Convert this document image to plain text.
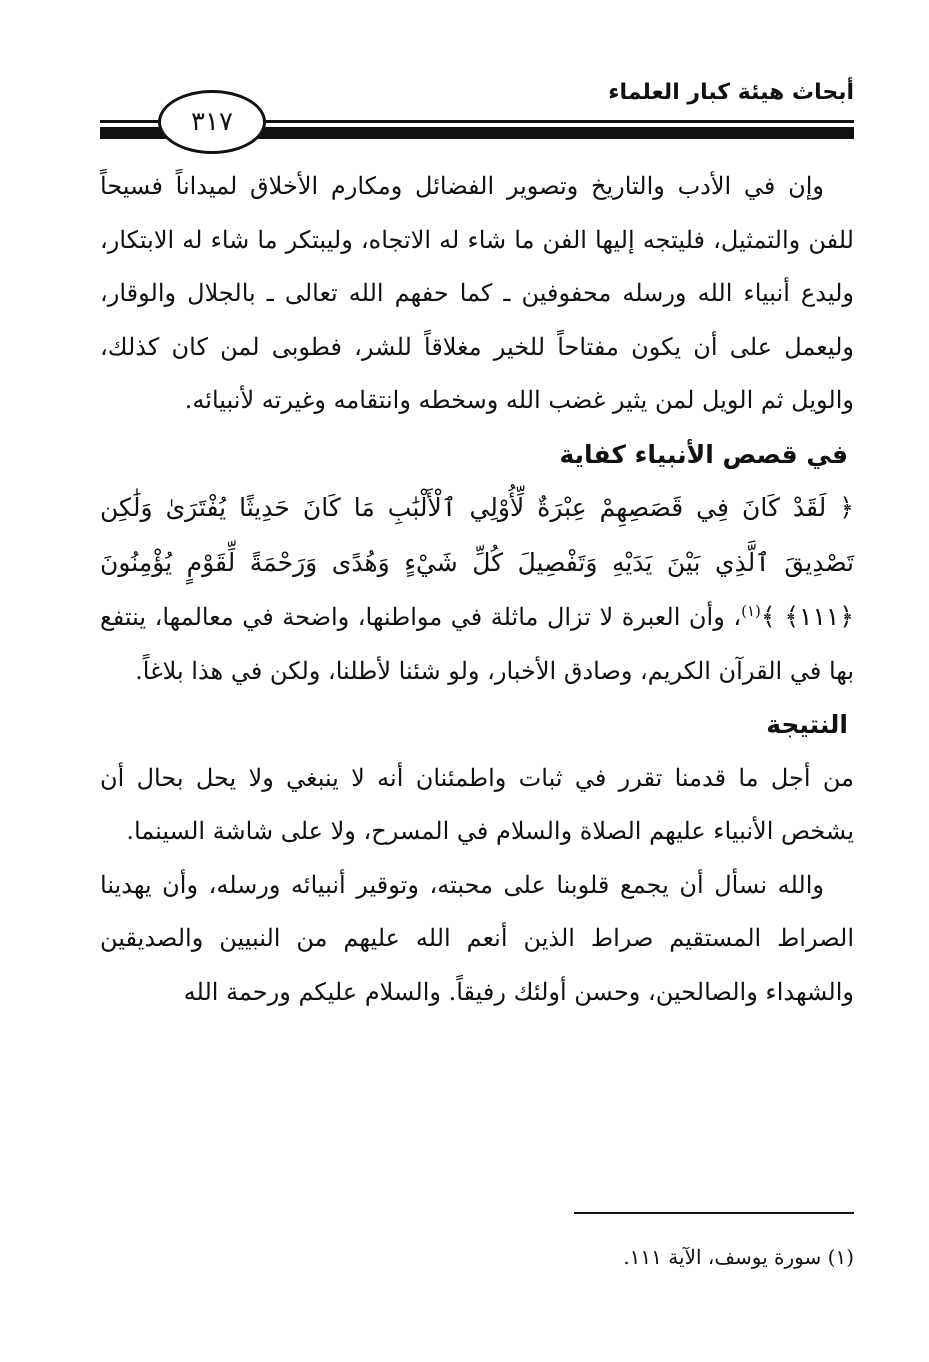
أبحاث هيئة كبار العلماء
٣١٧

وإن في الأدب والتاريخ وتصوير الفضائل ومكارم الأخلاق لميداناً فسيحاً للفن والتمثيل، فليتجه إليها الفن ما شاء له الاتجاه، وليبتكر ما شاء له الابتكار، وليدع أنبياء الله ورسله محفوفين ـ كما حفهم الله تعالى ـ بالجلال والوقار، وليعمل على أن يكون مفتاحاً للخير مغلاقاً للشر، فطوبى لمن كان كذلك، والويل ثم الويل لمن يثير غضب الله وسخطه وانتقامه وغيرته لأنبيائه.

في قصص الأنبياء كفاية

﴿ لَقَدْ كَانَ فِي قَصَصِهِمْ عِبْرَةٌ لِّأُوْلِي ٱلْأَلْبَٰبِ مَا كَانَ حَدِيثًا يُفْتَرَىٰ وَلَٰكِن تَصْدِيقَ ٱلَّذِي بَيْنَ يَدَيْهِ وَتَفْصِيلَ كُلِّ شَيْءٍ وَهُدًى وَرَحْمَةً لِّقَوْمٍ يُؤْمِنُونَ ﴿١١١﴾ ﴾$^{(١)}$، وأن العبرة لا تزال ماثلة في مواطنها، واضحة في معالمها، ينتفع بها في القرآن الكريم، وصادق الأخبار، ولو شئنا لأطلنا، ولكن في هذا بلاغاً.

النتيجة

من أجل ما قدمنا تقرر في ثبات واطمئنان أنه لا ينبغي ولا يحل بحال أن يشخص الأنبياء عليهم الصلاة والسلام في المسرح، ولا على شاشة السينما.

والله نسأل أن يجمع قلوبنا على محبته، وتوقير أنبيائه ورسله، وأن يهدينا الصراط المستقيم صراط الذين أنعم الله عليهم من النبيين والصديقين والشهداء والصالحين، وحسن أولئك رفيقاً. والسلام عليكم ورحمة الله

(١) سورة يوسف، الآية ١١١.
